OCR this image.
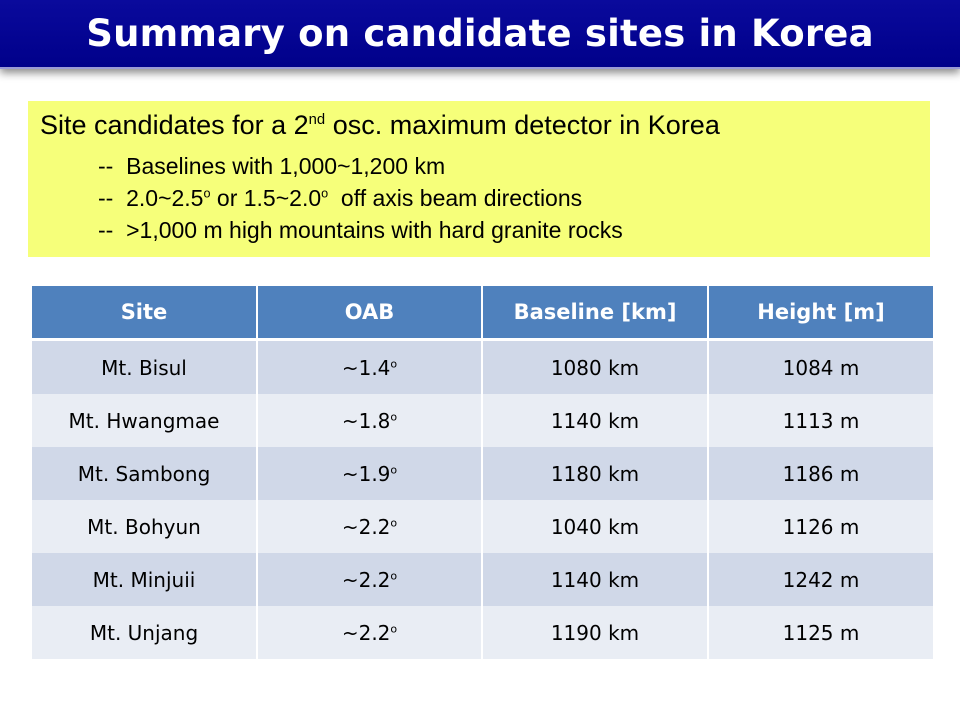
Summary on candidate sites in Korea
Site candidates for a 2nd osc. maximum detector in Korea
--  Baselines with 1,000~1,200 km
--  2.0~2.5$^o$ or 1.5~2.0$^o$  off axis beam directions
--  >1,000 m high mountains with hard granite rocks
Site	OAB	Baseline [km]	Height [m]
Mt. Bisul	~1.4$^o$	1080 km	1084 m
Mt. Hwangmae	~1.8$^o$	1140 km	1113 m
Mt. Sambong	~1.9$^o$	1180 km	1186 m
Mt. Bohyun	~2.2$^o$	1040 km	1126 m
Mt. Minjuii	~2.2$^o$	1140 km	1242 m
Mt. Unjang	~2.2$^o$	1190 km	1125 m
